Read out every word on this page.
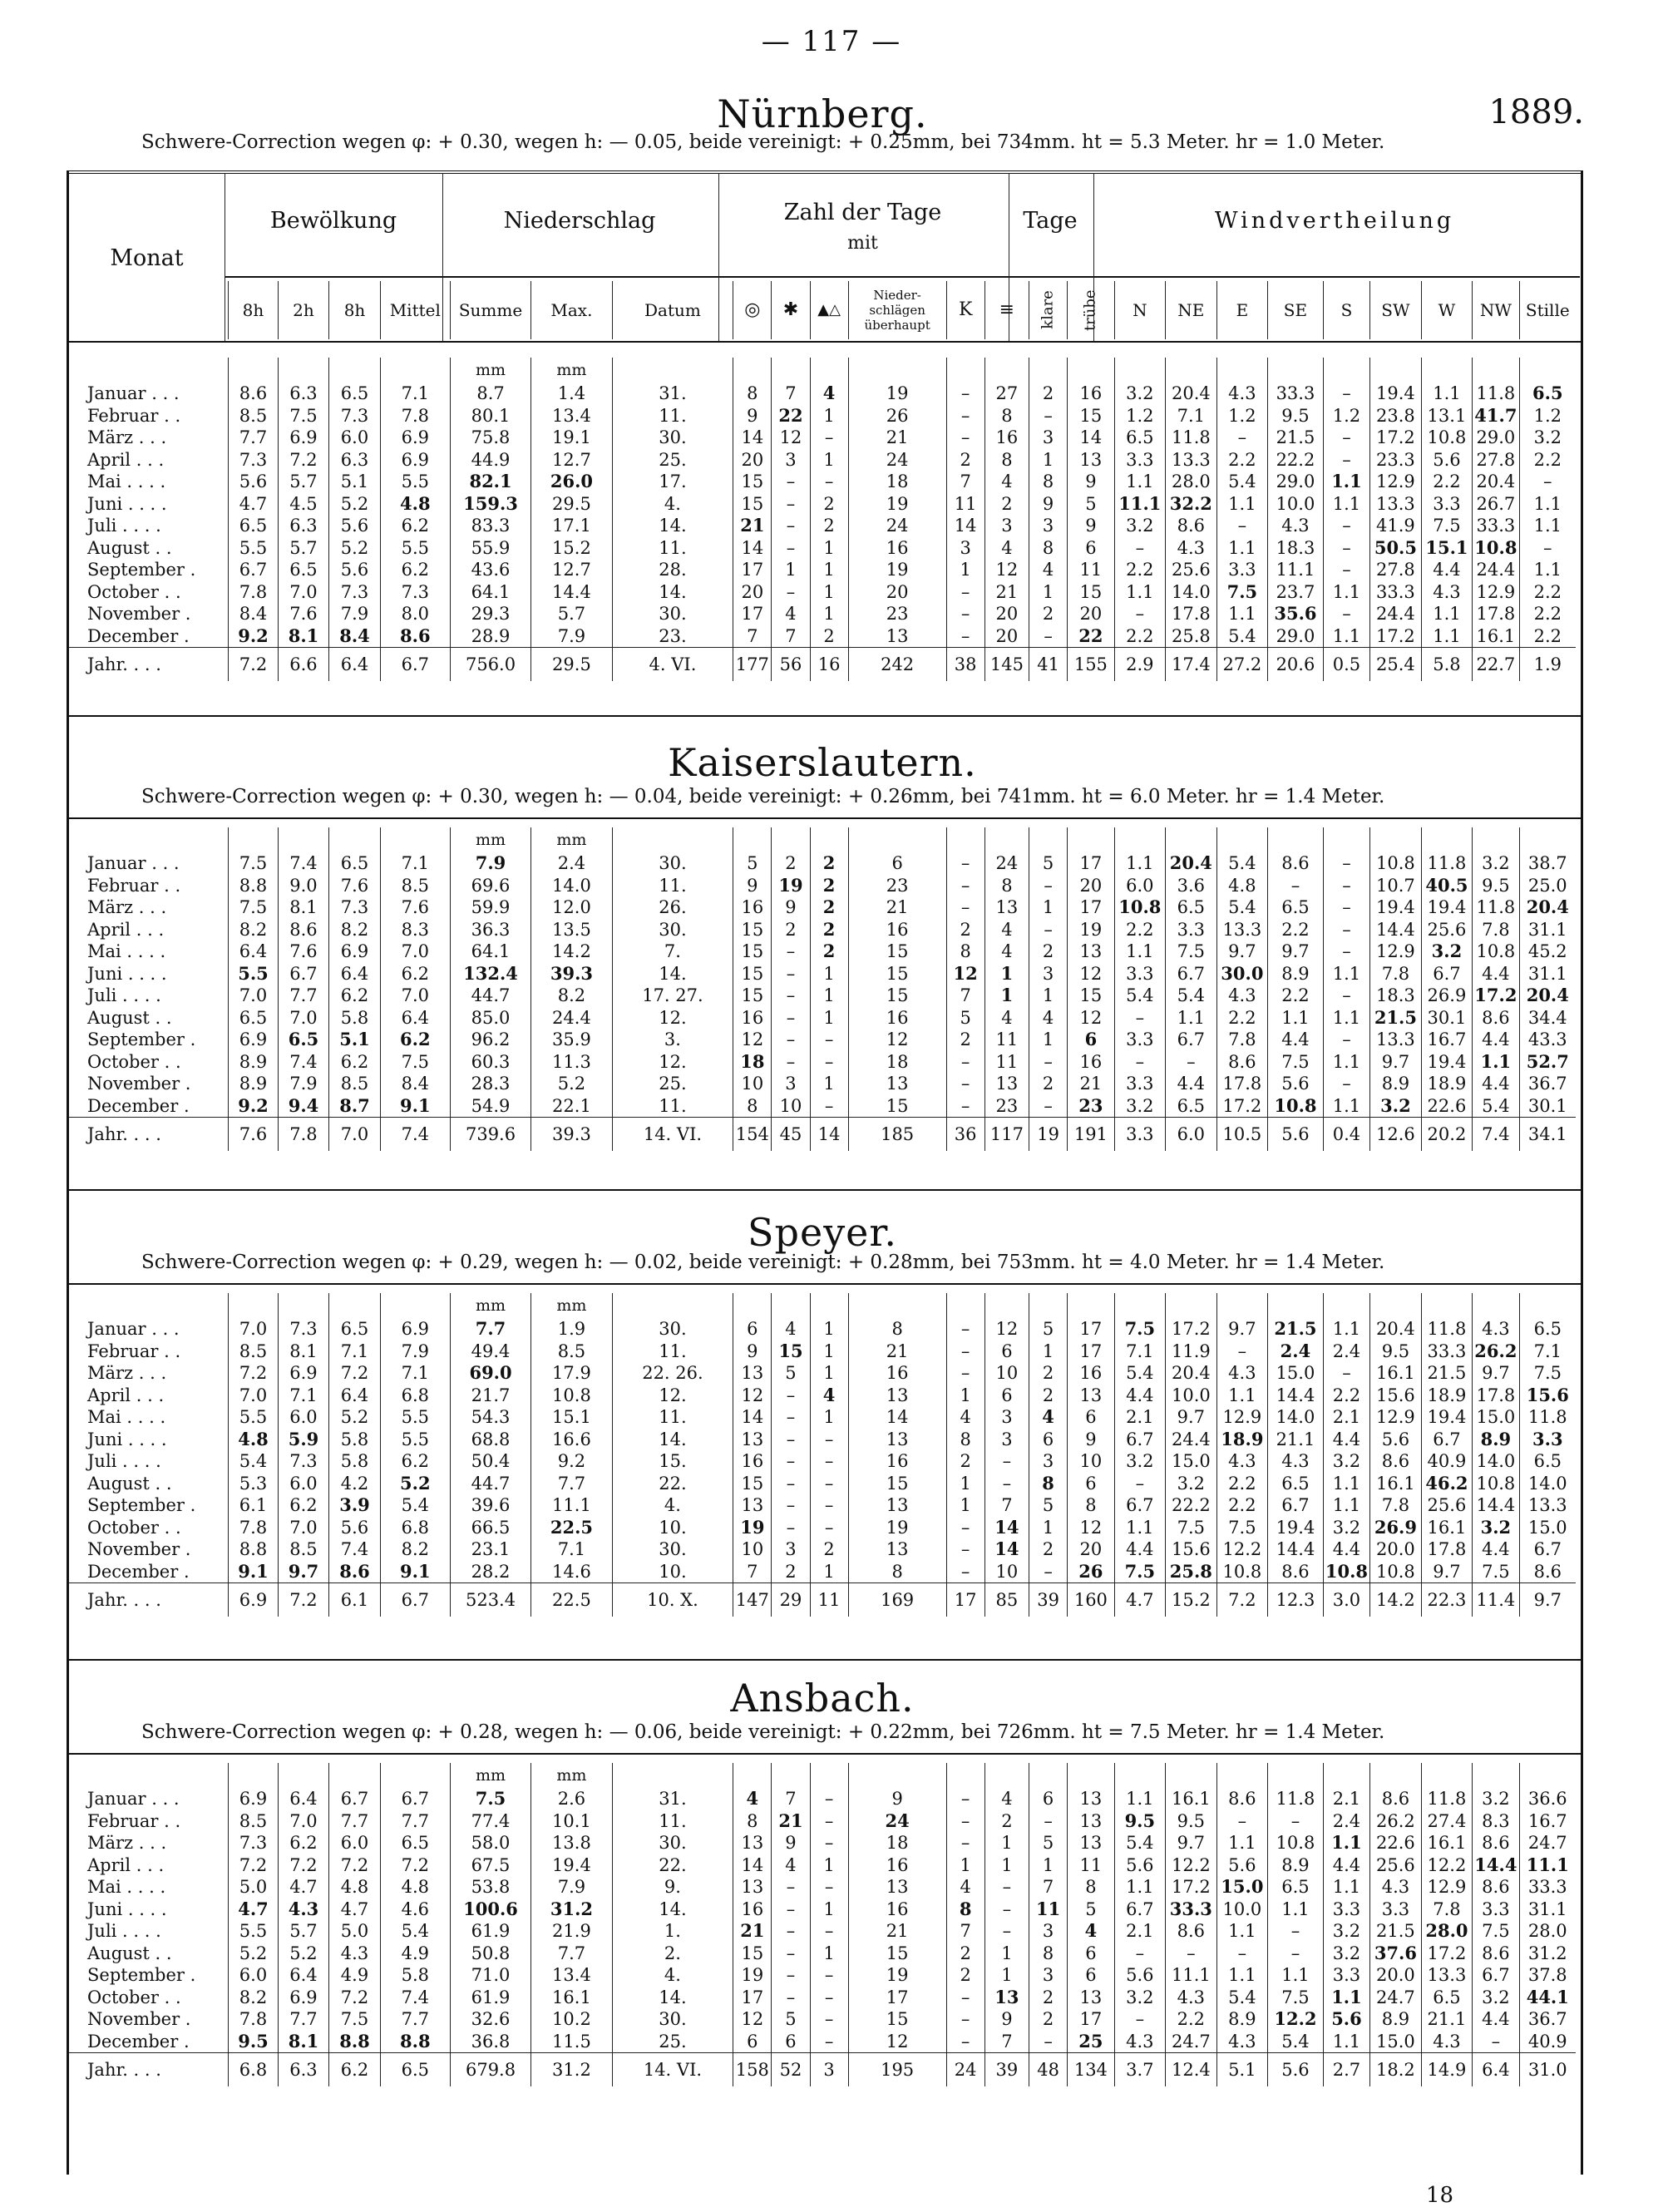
— 117 —
Monat
Bewölkung	Niederschlag	Zahl der Tage
mit
Tage	Windvertheilung
	8h	2h	8h	Mittel	Summe	Max.	Datum	◎	✱	▲△	Nieder-schlägen überhaupt	K	≡	klare	trübe	N	NE	E	SE	S	SW	W	NW	Stille
Nürnberg.	1889.
Schwere-Correction wegen φ: + 0.30, wegen h: — 0.05, beide vereinigt: + 0.25mm, bei 734mm. ht = 5.3 Meter. hr = 1.0 Meter.
					mm	mm																		
Januar . . .	8.6	6.3	6.5	7.1	8.7	1.4	31.	8	7	4	19	–	27	2	16	3.2	20.4	4.3	33.3	–	19.4	1.1	11.8	6.5
Februar . .	8.5	7.5	7.3	7.8	80.1	13.4	11.	9	22	1	26	–	8	–	15	1.2	7.1	1.2	9.5	1.2	23.8	13.1	41.7	1.2
März . . .	7.7	6.9	6.0	6.9	75.8	19.1	30.	14	12	–	21	–	16	3	14	6.5	11.8	–	21.5	–	17.2	10.8	29.0	3.2
April . . .	7.3	7.2	6.3	6.9	44.9	12.7	25.	20	3	1	24	2	8	1	13	3.3	13.3	2.2	22.2	–	23.3	5.6	27.8	2.2
Mai . . . .	5.6	5.7	5.1	5.5	82.1	26.0	17.	15	–	–	18	7	4	8	9	1.1	28.0	5.4	29.0	1.1	12.9	2.2	20.4	–
Juni . . . .	4.7	4.5	5.2	4.8	159.3	29.5	4.	15	–	2	19	11	2	9	5	11.1	32.2	1.1	10.0	1.1	13.3	3.3	26.7	1.1
Juli . . . .	6.5	6.3	5.6	6.2	83.3	17.1	14.	21	–	2	24	14	3	3	9	3.2	8.6	–	4.3	–	41.9	7.5	33.3	1.1
August . .	5.5	5.7	5.2	5.5	55.9	15.2	11.	14	–	1	16	3	4	8	6	–	4.3	1.1	18.3	–	50.5	15.1	10.8	–
September .	6.7	6.5	5.6	6.2	43.6	12.7	28.	17	1	1	19	1	12	4	11	2.2	25.6	3.3	11.1	–	27.8	4.4	24.4	1.1
October . .	7.8	7.0	7.3	7.3	64.1	14.4	14.	20	–	1	20	–	21	1	15	1.1	14.0	7.5	23.7	1.1	33.3	4.3	12.9	2.2
November .	8.4	7.6	7.9	8.0	29.3	5.7	30.	17	4	1	23	–	20	2	20	–	17.8	1.1	35.6	–	24.4	1.1	17.8	2.2
December .	9.2	8.1	8.4	8.6	28.9	7.9	23.	7	7	2	13	–	20	–	22	2.2	25.8	5.4	29.0	1.1	17.2	1.1	16.1	2.2
Jahr. . . .	7.2	6.6	6.4	6.7	756.0	29.5	4. VI.	177	56	16	242	38	145	41	155	2.9	17.4	27.2	20.6	0.5	25.4	5.8	22.7	1.9
Kaiserslautern.
Schwere-Correction wegen φ: + 0.30, wegen h: — 0.04, beide vereinigt: + 0.26mm, bei 741mm. ht = 6.0 Meter. hr = 1.4 Meter.
					mm	mm																		
Januar . . .	7.5	7.4	6.5	7.1	7.9	2.4	30.	5	2	2	6	–	24	5	17	1.1	20.4	5.4	8.6	–	10.8	11.8	3.2	38.7
Februar . .	8.8	9.0	7.6	8.5	69.6	14.0	11.	9	19	2	23	–	8	–	20	6.0	3.6	4.8	–	–	10.7	40.5	9.5	25.0
März . . .	7.5	8.1	7.3	7.6	59.9	12.0	26.	16	9	2	21	–	13	1	17	10.8	6.5	5.4	6.5	–	19.4	19.4	11.8	20.4
April . . .	8.2	8.6	8.2	8.3	36.3	13.5	30.	15	2	2	16	2	4	–	19	2.2	3.3	13.3	2.2	–	14.4	25.6	7.8	31.1
Mai . . . .	6.4	7.6	6.9	7.0	64.1	14.2	7.	15	–	2	15	8	4	2	13	1.1	7.5	9.7	9.7	–	12.9	3.2	10.8	45.2
Juni . . . .	5.5	6.7	6.4	6.2	132.4	39.3	14.	15	–	1	15	12	1	3	12	3.3	6.7	30.0	8.9	1.1	7.8	6.7	4.4	31.1
Juli . . . .	7.0	7.7	6.2	7.0	44.7	8.2	17. 27.	15	–	1	15	7	1	1	15	5.4	5.4	4.3	2.2	–	18.3	26.9	17.2	20.4
August . .	6.5	7.0	5.8	6.4	85.0	24.4	12.	16	–	1	16	5	4	4	12	–	1.1	2.2	1.1	1.1	21.5	30.1	8.6	34.4
September .	6.9	6.5	5.1	6.2	96.2	35.9	3.	12	–	–	12	2	11	1	6	3.3	6.7	7.8	4.4	–	13.3	16.7	4.4	43.3
October . .	8.9	7.4	6.2	7.5	60.3	11.3	12.	18	–	–	18	–	11	–	16	–	–	8.6	7.5	1.1	9.7	19.4	1.1	52.7
November .	8.9	7.9	8.5	8.4	28.3	5.2	25.	10	3	1	13	–	13	2	21	3.3	4.4	17.8	5.6	–	8.9	18.9	4.4	36.7
December .	9.2	9.4	8.7	9.1	54.9	22.1	11.	8	10	–	15	–	23	–	23	3.2	6.5	17.2	10.8	1.1	3.2	22.6	5.4	30.1
Jahr. . . .	7.6	7.8	7.0	7.4	739.6	39.3	14. VI.	154	45	14	185	36	117	19	191	3.3	6.0	10.5	5.6	0.4	12.6	20.2	7.4	34.1
Speyer.
Schwere-Correction wegen φ: + 0.29, wegen h: — 0.02, beide vereinigt: + 0.28mm, bei 753mm. ht = 4.0 Meter. hr = 1.4 Meter.
					mm	mm																		
Januar . . .	7.0	7.3	6.5	6.9	7.7	1.9	30.	6	4	1	8	–	12	5	17	7.5	17.2	9.7	21.5	1.1	20.4	11.8	4.3	6.5
Februar . .	8.5	8.1	7.1	7.9	49.4	8.5	11.	9	15	1	21	–	6	1	17	7.1	11.9	–	2.4	2.4	9.5	33.3	26.2	7.1
März . . .	7.2	6.9	7.2	7.1	69.0	17.9	22. 26.	13	5	1	16	–	10	2	16	5.4	20.4	4.3	15.0	–	16.1	21.5	9.7	7.5
April . . .	7.0	7.1	6.4	6.8	21.7	10.8	12.	12	–	4	13	1	6	2	13	4.4	10.0	1.1	14.4	2.2	15.6	18.9	17.8	15.6
Mai . . . .	5.5	6.0	5.2	5.5	54.3	15.1	11.	14	–	1	14	4	3	4	6	2.1	9.7	12.9	14.0	2.1	12.9	19.4	15.0	11.8
Juni . . . .	4.8	5.9	5.8	5.5	68.8	16.6	14.	13	–	–	13	8	3	6	9	6.7	24.4	18.9	21.1	4.4	5.6	6.7	8.9	3.3
Juli . . . .	5.4	7.3	5.8	6.2	50.4	9.2	15.	16	–	–	16	2	–	3	10	3.2	15.0	4.3	4.3	3.2	8.6	40.9	14.0	6.5
August . .	5.3	6.0	4.2	5.2	44.7	7.7	22.	15	–	–	15	1	–	8	6	–	3.2	2.2	6.5	1.1	16.1	46.2	10.8	14.0
September .	6.1	6.2	3.9	5.4	39.6	11.1	4.	13	–	–	13	1	7	5	8	6.7	22.2	2.2	6.7	1.1	7.8	25.6	14.4	13.3
October . .	7.8	7.0	5.6	6.8	66.5	22.5	10.	19	–	–	19	–	14	1	12	1.1	7.5	7.5	19.4	3.2	26.9	16.1	3.2	15.0
November .	8.8	8.5	7.4	8.2	23.1	7.1	30.	10	3	2	13	–	14	2	20	4.4	15.6	12.2	14.4	4.4	20.0	17.8	4.4	6.7
December .	9.1	9.7	8.6	9.1	28.2	14.6	10.	7	2	1	8	–	10	–	26	7.5	25.8	10.8	8.6	10.8	10.8	9.7	7.5	8.6
Jahr. . . .	6.9	7.2	6.1	6.7	523.4	22.5	10. X.	147	29	11	169	17	85	39	160	4.7	15.2	7.2	12.3	3.0	14.2	22.3	11.4	9.7
Ansbach.
Schwere-Correction wegen φ: + 0.28, wegen h: — 0.06, beide vereinigt: + 0.22mm, bei 726mm. ht = 7.5 Meter. hr = 1.4 Meter.
					mm	mm																		
Januar . . .	6.9	6.4	6.7	6.7	7.5	2.6	31.	4	7	–	9	–	4	6	13	1.1	16.1	8.6	11.8	2.1	8.6	11.8	3.2	36.6
Februar . .	8.5	7.0	7.7	7.7	77.4	10.1	11.	8	21	–	24	–	2	–	13	9.5	9.5	–	–	2.4	26.2	27.4	8.3	16.7
März . . .	7.3	6.2	6.0	6.5	58.0	13.8	30.	13	9	–	18	–	1	5	13	5.4	9.7	1.1	10.8	1.1	22.6	16.1	8.6	24.7
April . . .	7.2	7.2	7.2	7.2	67.5	19.4	22.	14	4	1	16	1	1	1	11	5.6	12.2	5.6	8.9	4.4	25.6	12.2	14.4	11.1
Mai . . . .	5.0	4.7	4.8	4.8	53.8	7.9	9.	13	–	–	13	4	–	7	8	1.1	17.2	15.0	6.5	1.1	4.3	12.9	8.6	33.3
Juni . . . .	4.7	4.3	4.7	4.6	100.6	31.2	14.	16	–	1	16	8	–	11	5	6.7	33.3	10.0	1.1	3.3	3.3	7.8	3.3	31.1
Juli . . . .	5.5	5.7	5.0	5.4	61.9	21.9	1.	21	–	–	21	7	–	3	4	2.1	8.6	1.1	–	3.2	21.5	28.0	7.5	28.0
August . .	5.2	5.2	4.3	4.9	50.8	7.7	2.	15	–	1	15	2	1	8	6	–	–	–	–	3.2	37.6	17.2	8.6	31.2
September .	6.0	6.4	4.9	5.8	71.0	13.4	4.	19	–	–	19	2	1	3	6	5.6	11.1	1.1	1.1	3.3	20.0	13.3	6.7	37.8
October . .	8.2	6.9	7.2	7.4	61.9	16.1	14.	17	–	–	17	–	13	2	13	3.2	4.3	5.4	7.5	1.1	24.7	6.5	3.2	44.1
November .	7.8	7.7	7.5	7.7	32.6	10.2	30.	12	5	–	15	–	9	2	17	–	2.2	8.9	12.2	5.6	8.9	21.1	4.4	36.7
December .	9.5	8.1	8.8	8.8	36.8	11.5	25.	6	6	–	12	–	7	–	25	4.3	24.7	4.3	5.4	1.1	15.0	4.3	–	40.9
Jahr. . . .	6.8	6.3	6.2	6.5	679.8	31.2	14. VI.	158	52	3	195	24	39	48	134	3.7	12.4	5.1	5.6	2.7	18.2	14.9	6.4	31.0
18
